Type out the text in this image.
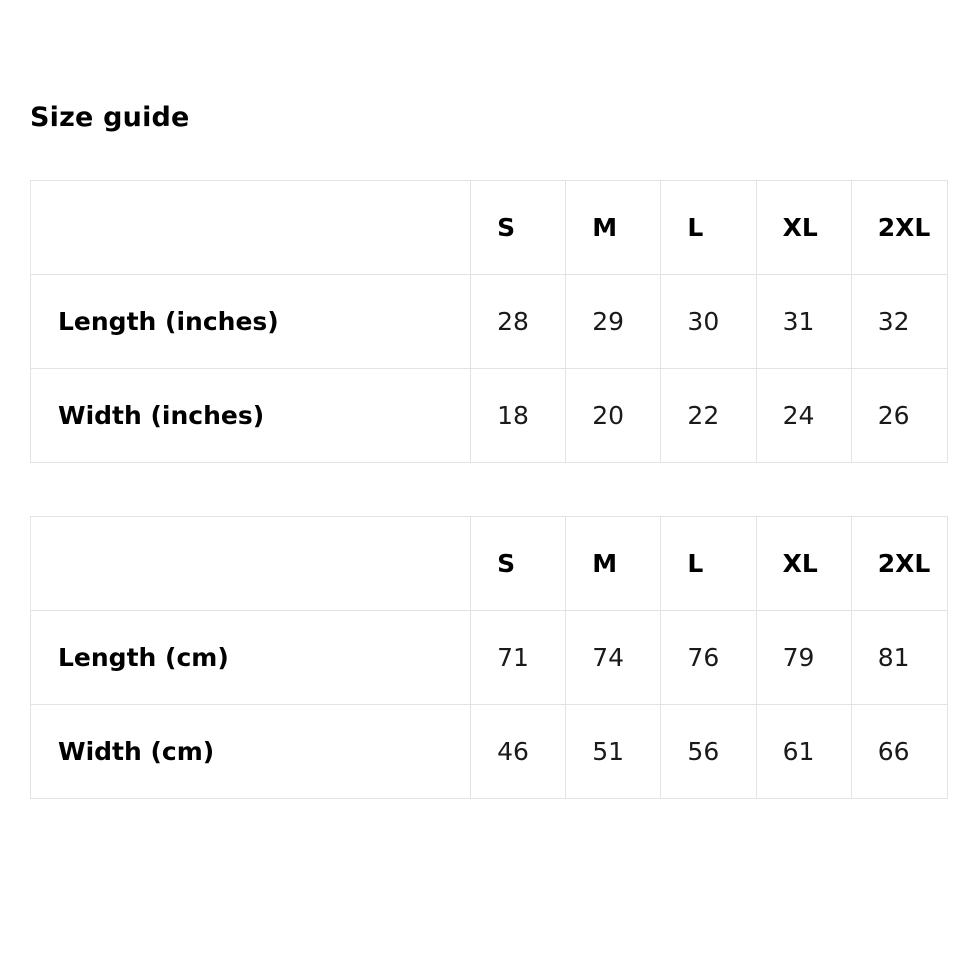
Size guide
	S	M	L	XL	2XL
Length (inches)	28	29	30	31	32
Width (inches)	18	20	22	24	26
	S	M	L	XL	2XL
Length (cm)	71	74	76	79	81
Width (cm)	46	51	56	61	66
